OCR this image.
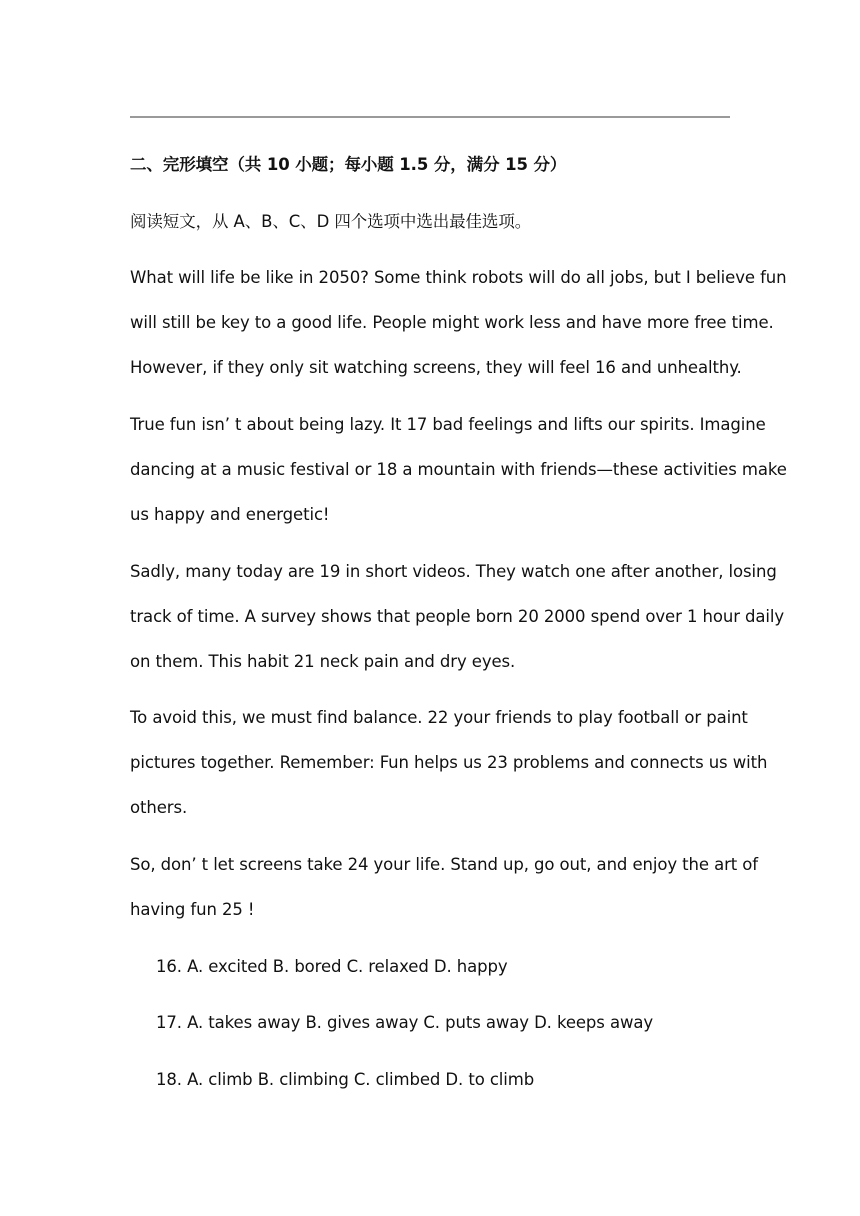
二、完形填空（共 10 小题；每小题 1.5 分，满分 15 分）
阅读短文，从 A、B、C、D 四个选项中选出最佳选项。
What will life be like in 2050? Some think robots will do all jobs, but I believe fun
will still be key to a good life. People might work less and have more free time.
However, if they only sit watching screens, they will feel 16 and unhealthy.
True fun isn’ t about being lazy. It 17 bad feelings and lifts our spirits. Imagine
dancing at a music festival or 18 a mountain with friends—these activities make
us happy and energetic!
Sadly, many today are 19 in short videos. They watch one after another, losing
track of time. A survey shows that people born 20 2000 spend over 1 hour daily
on them. This habit 21 neck pain and dry eyes.
To avoid this, we must find balance. 22 your friends to play football or paint
pictures together. Remember: Fun helps us 23 problems and connects us with
others.
So, don’ t let screens take 24 your life. Stand up, go out, and enjoy the art of
having fun 25 !
16. A. excited B. bored C. relaxed D. happy
17. A. takes away B. gives away C. puts away D. keeps away
18. A. climb B. climbing C. climbed D. to climb
